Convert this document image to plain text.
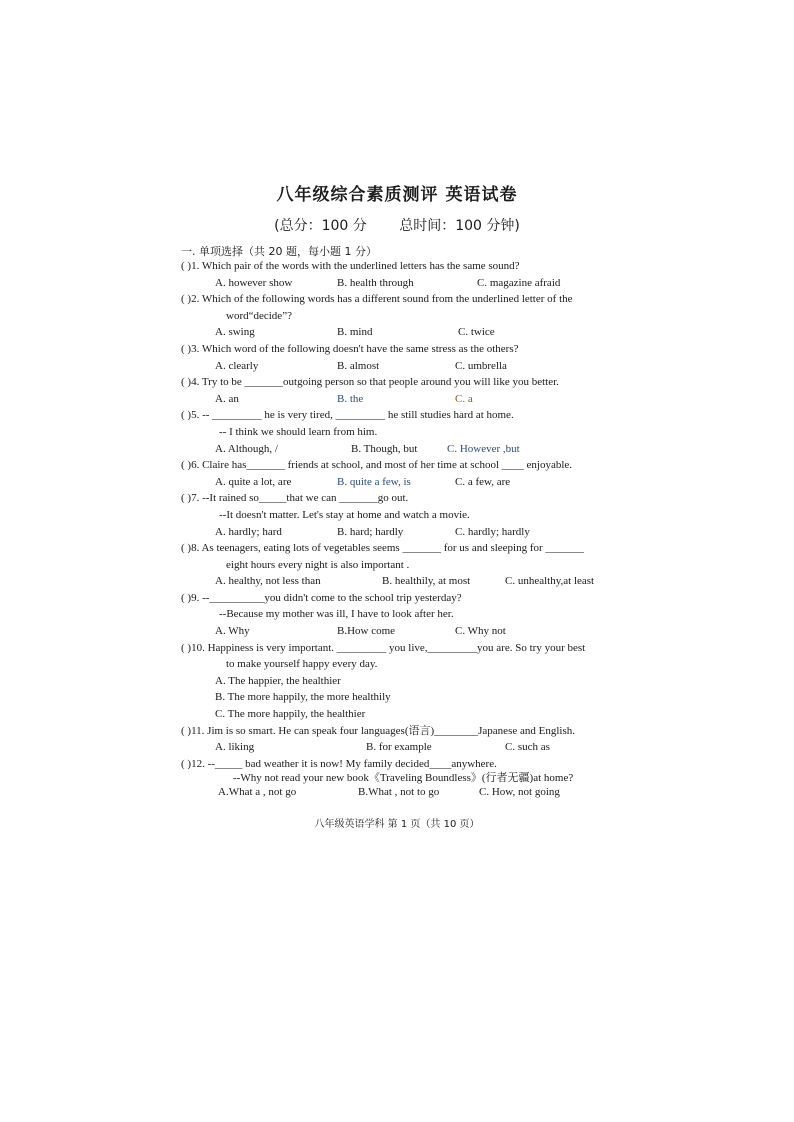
八年级综合素质测评 英语试卷
(总分：100 分 总时间：100 分钟)
一. 单项选择（共 20 题，每小题 1 分）
( )1. Which pair of the words with the underlined letters has the same sound?
A. however show	B. health through	C. magazine afraid
( )2. Which of the following words has a different sound from the underlined letter of the
word“decide”?
A. swing	B. mind	C. twice
( )3. Which word of the following doesn't have the same stress as the others?
A. clearly	B. almost	C. umbrella
( )4. Try to be _______outgoing person so that people around you will like you better.
A. an	B. the	C. a
( )5. -- _________ he is very tired, _________ he still studies hard at home.
-- I think we should learn from him.
A. Although, /	B. Though, but	C. However ,but
( )6. Claire has_______ friends at school, and most of her time at school ____ enjoyable.
A. quite a lot, are	B. quite a few, is	C. a few, are
( )7. --It rained so_____that we can _______go out.
--It doesn't matter. Let's stay at home and watch a movie.
A. hardly; hard	B. hard; hardly	C. hardly; hardly
( )8. As teenagers, eating lots of vegetables seems _______ for us and sleeping for _______
eight hours every night is also important .
A. healthy, not less than	B. healthily, at most	C. unhealthy,at least
( )9. --__________you didn't come to the school trip yesterday?
--Because my mother was ill, I have to look after her.
A. Why	B.How come	C. Why not
( )10. Happiness is very important. _________ you live,_________you are. So try your best
to make yourself happy every day.
A. The happier, the healthier
B. The more happily, the more healthily
C. The more happily, the healthier
( )11. Jim is so smart. He can speak four languages(语言)________Japanese and English.
A. liking	B. for example	C. such as
( )12. --_____ bad weather it is now! My family decided____anywhere.
--Why not read your new book《Traveling Boundless》(行者无疆)at home?
A.What a , not go	B.What , not to go	C. How, not going
八年级英语学科 第 1 页（共 10 页）
